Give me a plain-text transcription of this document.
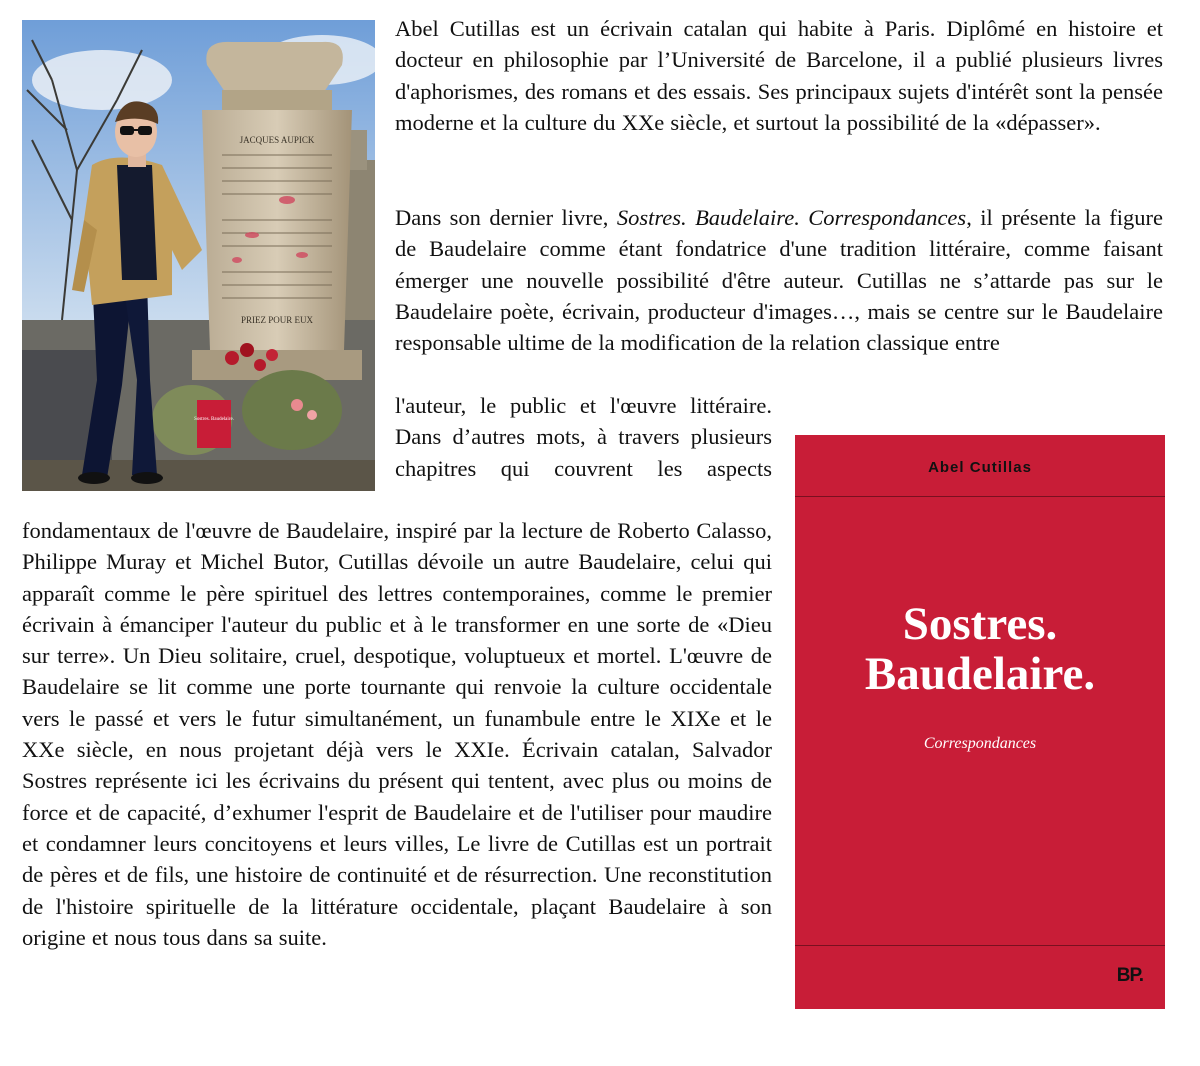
JACQUES AUPICK
PRIEZ POUR EUX
Sostres. Baudelaire.

Abel Cutillas est un écrivain catalan qui habite à Paris. Diplômé en histoire et docteur en philosophie par l’Université de Barcelone, il a publié plusieurs livres d'aphorismes, des romans et des essais. Ses principaux sujets d'intérêt sont la pensée moderne et la culture du XXe siècle, et surtout la possibilité de la «dépasser».

Dans son dernier livre, Sostres. Baudelaire. Correspondances, il présente la figure de Baudelaire comme étant fondatrice d'une tradition littéraire, comme faisant émerger une nouvelle possibilité d'être auteur. Cutillas ne s’attarde pas sur le Baudelaire poète, écrivain, producteur d'images…, mais se centre sur le Baudelaire responsable ultime de la modification de la relation classique entre

l'auteur, le public et l'œuvre littéraire. Dans d’autres mots, à travers plusieurs chapitres qui couvrent les aspects

fondamentaux de l'œuvre de Baudelaire, inspiré par la lecture de Roberto Calasso, Philippe Muray et Michel Butor, Cutillas dévoile un autre Baudelaire, celui qui apparaît comme le père spirituel des lettres contemporaines, comme le premier écrivain à émanciper l'auteur du public et à le transformer en une sorte de «Dieu sur terre». Un Dieu solitaire, cruel, despotique, voluptueux et mortel. L'œuvre de Baudelaire se lit comme une porte tournante qui renvoie la culture occidentale vers le passé et vers le futur simultanément, un funambule entre le XIXe et le XXe siècle, en nous projetant déjà vers le XXIe. Écrivain catalan, Salvador Sostres représente ici les écrivains du présent qui tentent, avec plus ou moins de force et de capacité, d’exhumer l'esprit de Baudelaire et de l'utiliser pour maudire et condamner leurs concitoyens et leurs villes, Le livre de Cutillas est un portrait de pères et de fils, une histoire de continuité et de résurrection. Une reconstitution de l'histoire spirituelle de la littérature occidentale, plaçant Baudelaire à son origine et nous tous dans sa suite.

Abel Cutillas
Sostres.
Baudelaire.
Correspondances
BP.
